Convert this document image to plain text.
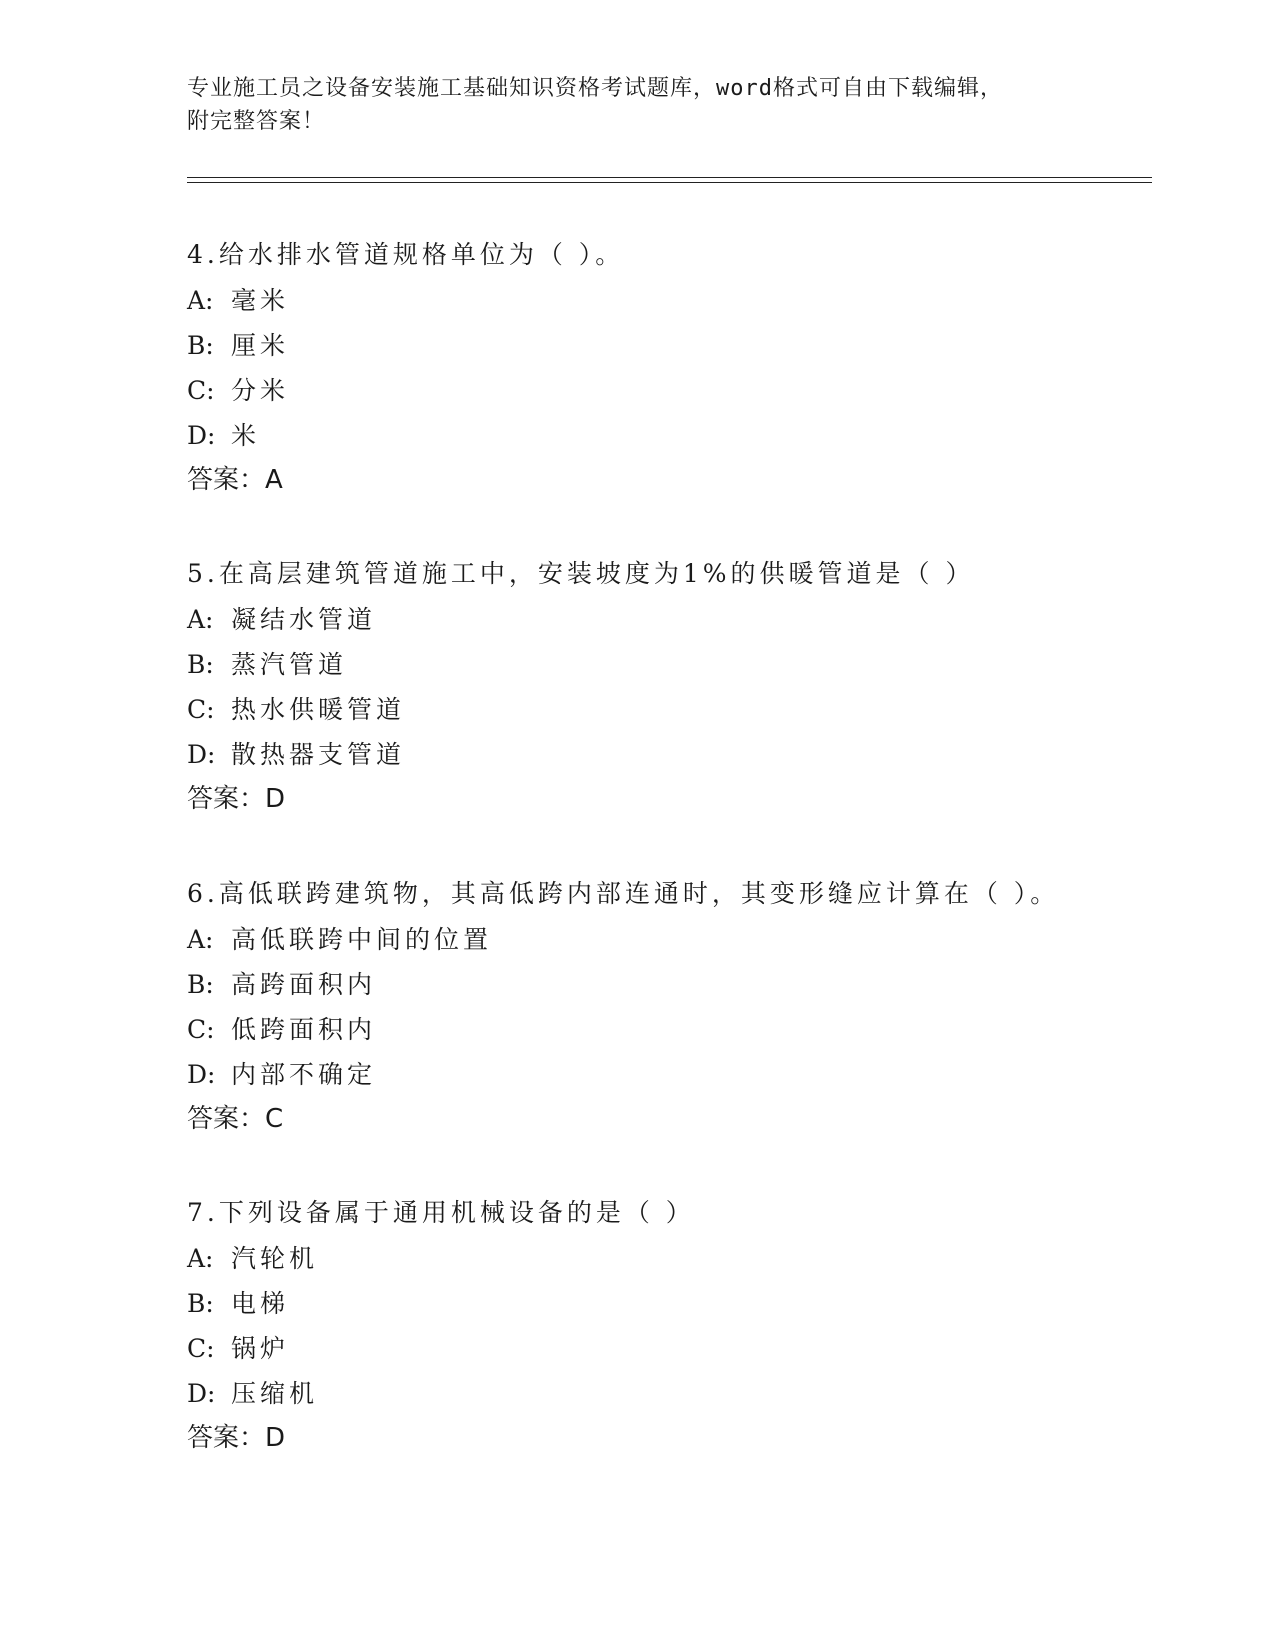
专业施工员之设备安装施工基础知识资格考试题库，word格式可自由下载编辑，
附完整答案！
4.给水排水管道规格单位为（ ）。
A: 毫米
B: 厘米
C: 分米
D: 米
答案：A
5.在高层建筑管道施工中，安装坡度为1%的供暖管道是（ ）
A: 凝结水管道
B: 蒸汽管道
C: 热水供暖管道
D: 散热器支管道
答案：D
6.高低联跨建筑物，其高低跨内部连通时，其变形缝应计算在（ ）。
A: 高低联跨中间的位置
B: 高跨面积内
C: 低跨面积内
D: 内部不确定
答案：C
7.下列设备属于通用机械设备的是（ ）
A: 汽轮机
B: 电梯
C: 锅炉
D: 压缩机
答案：D
